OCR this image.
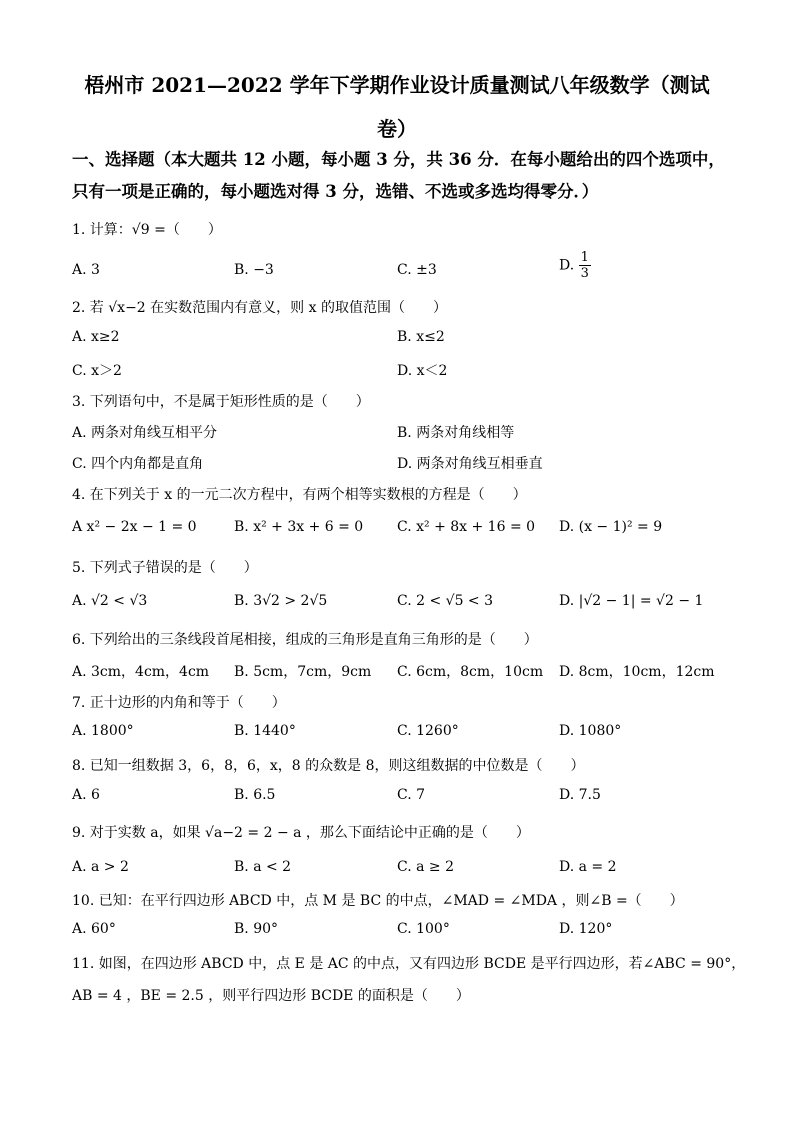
梧州市 2021—2022 学年下学期作业设计质量测试八年级数学（测试
卷）
一、选择题（本大题共 12 小题，每小题 3 分，共 36 分．在每小题给出的四个选项中，只有一项是正确的，每小题选对得 3 分，选错、不选或多选均得零分．）
1. 计算：√9 =（　　）
A. 3	B. −3	C. ±3	D. $\frac{1}{3}$
2. 若 √x−2 在实数范围内有意义，则 x 的取值范围（　　）
A. x≥2	B. x≤2
C. x＞2	D. x＜2
3. 下列语句中，不是属于矩形性质的是（　　）
A. 两条对角线互相平分	B. 两条对角线相等
C. 四个内角都是直角	D. 两条对角线互相垂直
4. 在下列关于 x 的一元二次方程中，有两个相等实数根的方程是（　　）
A x² − 2x − 1 = 0	B. x² + 3x + 6 = 0 C. x² + 8x + 16 = 0 D. (x − 1)² = 9
5. 下列式子错误的是（　　）
A. √2 < √3	B. 3√2 > 2√5	C. 2 < √5 < 3	D. |√2 − 1| = √2 − 1
6. 下列给出的三条线段首尾相接，组成的三角形是直角三角形的是（　　）
A. 3cm，4cm，4cm B. 5cm，7cm，9cm C. 6cm，8cm，10cm D. 8cm，10cm，12cm
7. 正十边形的内角和等于（　　）
A. 1800°	B. 1440°	C. 1260°	D. 1080°
8. 已知一组数据 3，6，8，6，x，8 的众数是 8，则这组数据的中位数是（　　）
A. 6	B. 6.5	C. 7	D. 7.5
9. 对于实数 a，如果 √a−2 = 2 − a ，那么下面结论中正确的是（　　）
A. a > 2	B. a < 2	C. a ≥ 2	D. a = 2
10. 已知：在平行四边形 ABCD 中，点 M 是 BC 的中点，∠MAD = ∠MDA ，则∠B =（　　）
A. 60°	B. 90°	C. 100°	D. 120°
11. 如图，在四边形 ABCD 中，点 E 是 AC 的中点，又有四边形 BCDE 是平行四边形，若∠ABC = 90°，
AB = 4 ，BE = 2.5 ，则平行四边形 BCDE 的面积是（　　）
